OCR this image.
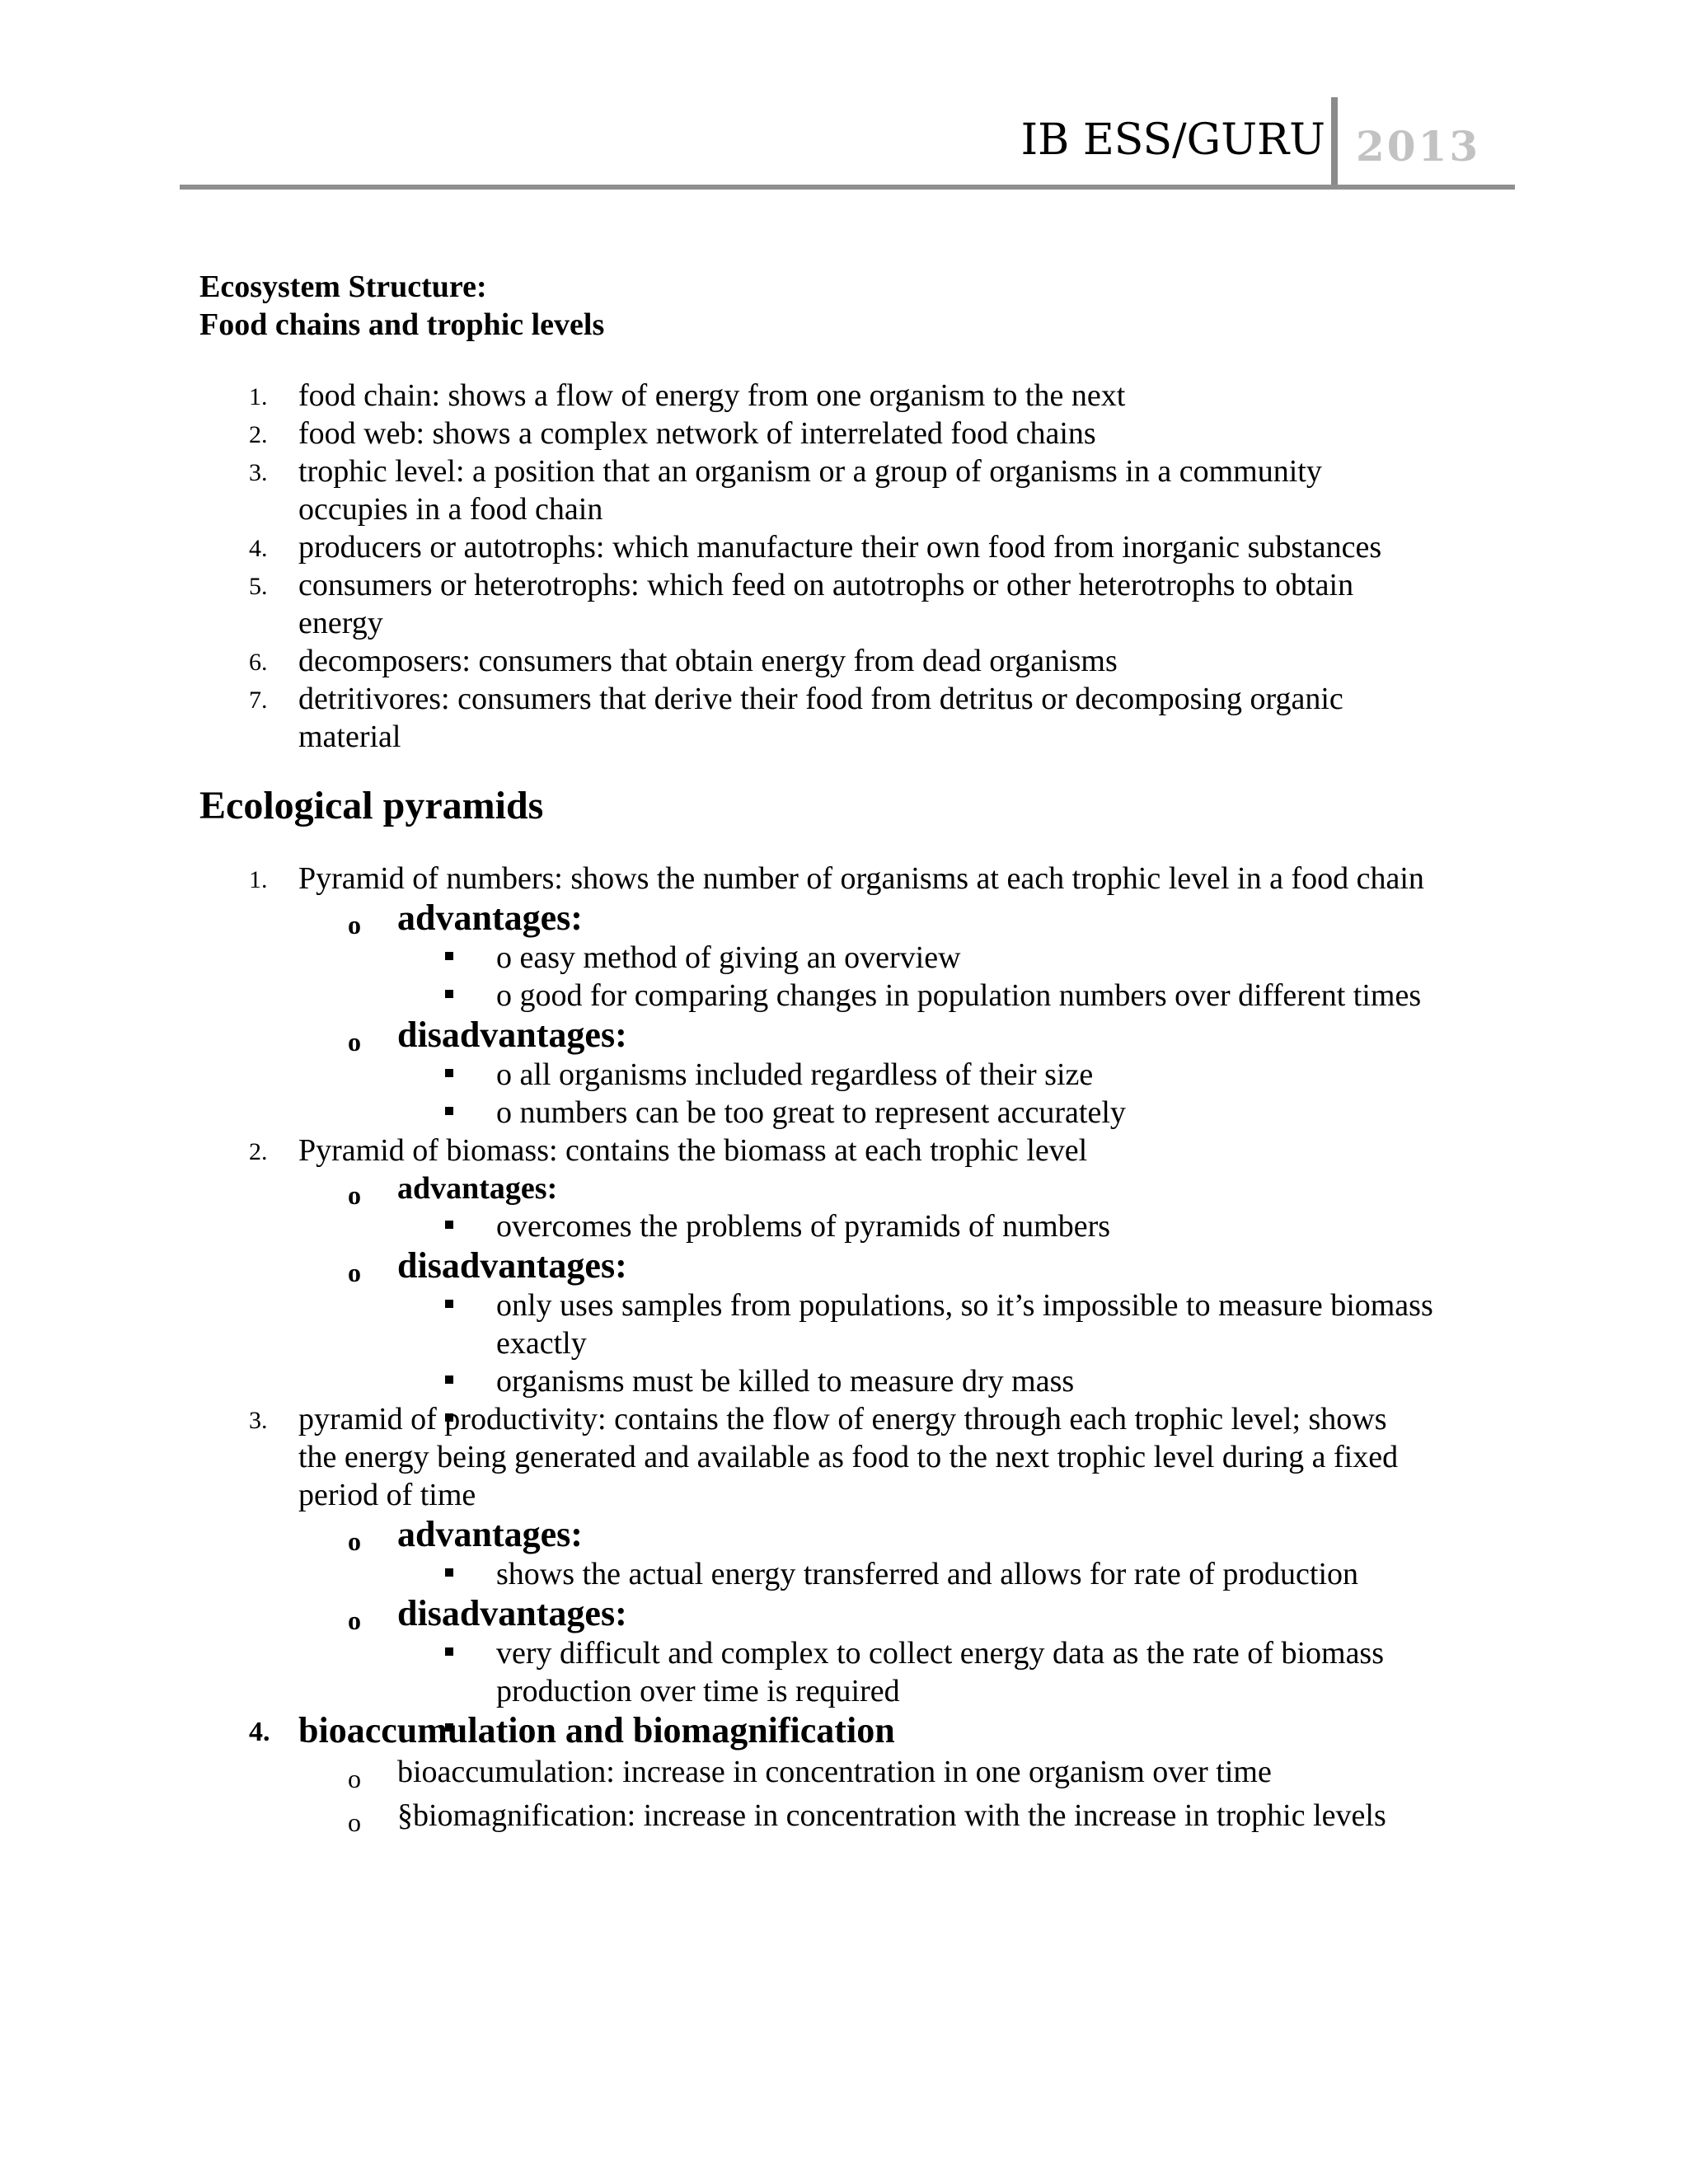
IB ESS/GURU 2013
Ecosystem Structure:
Food chains and trophic levels
1. food chain: shows a flow of energy from one organism to the next
2. food web: shows a complex network of interrelated food chains
3. trophic level: a position that an organism or a group of organisms in a community
occupies in a food chain
4. producers or autotrophs: which manufacture their own food from inorganic substances
5. consumers or heterotrophs: which feed on autotrophs or other heterotrophs to obtain
energy
6. decomposers: consumers that obtain energy from dead organisms
7. detritivores: consumers that derive their food from detritus or decomposing organic
material
Ecological pyramids
1. Pyramid of numbers: shows the number of organisms at each trophic level in a food chain
o advantages:
o easy method of giving an overview
o good for comparing changes in population numbers over different times
o disadvantages:
o all organisms included regardless of their size
o numbers can be too great to represent accurately
2. Pyramid of biomass: contains the biomass at each trophic level
o advantages:
overcomes the problems of pyramids of numbers
o disadvantages:
only uses samples from populations, so it’s impossible to measure biomass
exactly
organisms must be killed to measure dry mass
3. pyramid of productivity: contains the flow of energy through each trophic level; shows
the energy being generated and available as food to the next trophic level during a fixed
period of time
o advantages:
shows the actual energy transferred and allows for rate of production
o disadvantages:
very difficult and complex to collect energy data as the rate of biomass
production over time is required
4. bioaccumulation and biomagnification
o bioaccumulation: increase in concentration in one organism over time
o §biomagnification: increase in concentration with the increase in trophic levels
